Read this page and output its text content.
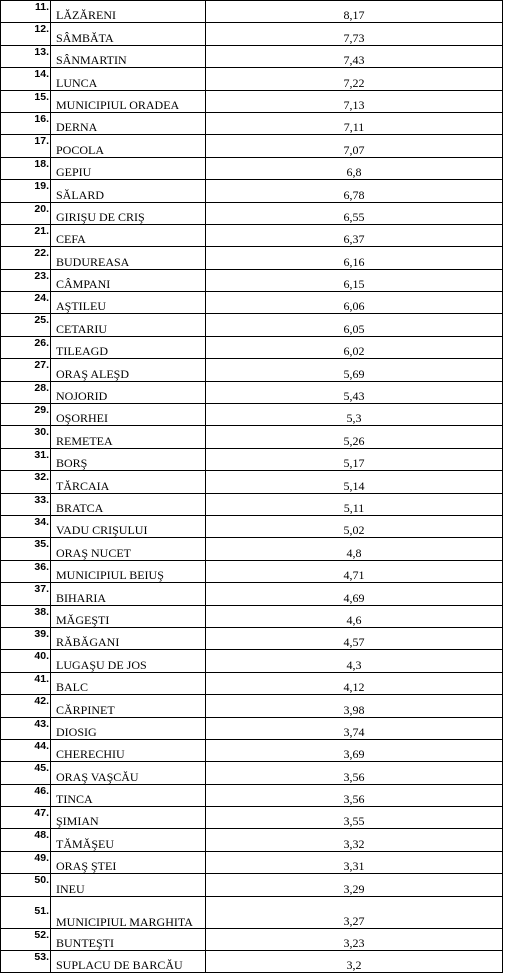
11.	LĂZĂRENI	8,17

12.	SÂMBĂTA	7,73

13.	SÂNMARTIN	7,43

14.	LUNCA	7,22

15.	MUNICIPIUL ORADEA	7,13

16.	DERNA	7,11

17.	POCOLA	7,07

18.	GEPIU	6,8

19.	SĂLARD	6,78

20.	GIRIŞU DE CRIŞ	6,55

21.	CEFA	6,37

22.	BUDUREASA	6,16

23.	CÂMPANI	6,15

24.	AŞTILEU	6,06

25.	CETARIU	6,05

26.	TILEAGD	6,02

27.	ORAŞ ALEŞD	5,69

28.	NOJORID	5,43

29.	OŞORHEI	5,3

30.	REMETEA	5,26

31.	BORŞ	5,17

32.	TĂRCAIA	5,14

33.	BRATCA	5,11

34.	VADU CRIŞULUI	5,02

35.	ORAŞ NUCET	4,8

36.	MUNICIPIUL BEIUŞ	4,71

37.	BIHARIA	4,69

38.	MĂGEŞTI	4,6

39.	RĂBĂGANI	4,57

40.	LUGAŞU DE JOS	4,3

41.	BALC	4,12

42.	CĂRPINET	3,98

43.	DIOSIG	3,74

44.	CHERECHIU	3,69

45.	ORAŞ VAŞCĂU	3,56

46.	TINCA	3,56

47.	ŞIMIAN	3,55

48.	TĂMĂŞEU	3,32

49.	ORAŞ ŞTEI	3,31

50.	INEU	3,29

51.	MUNICIPIUL MARGHITA	3,27

52.	BUNTEŞTI	3,23

53.	SUPLACU DE BARCĂU	3,2
